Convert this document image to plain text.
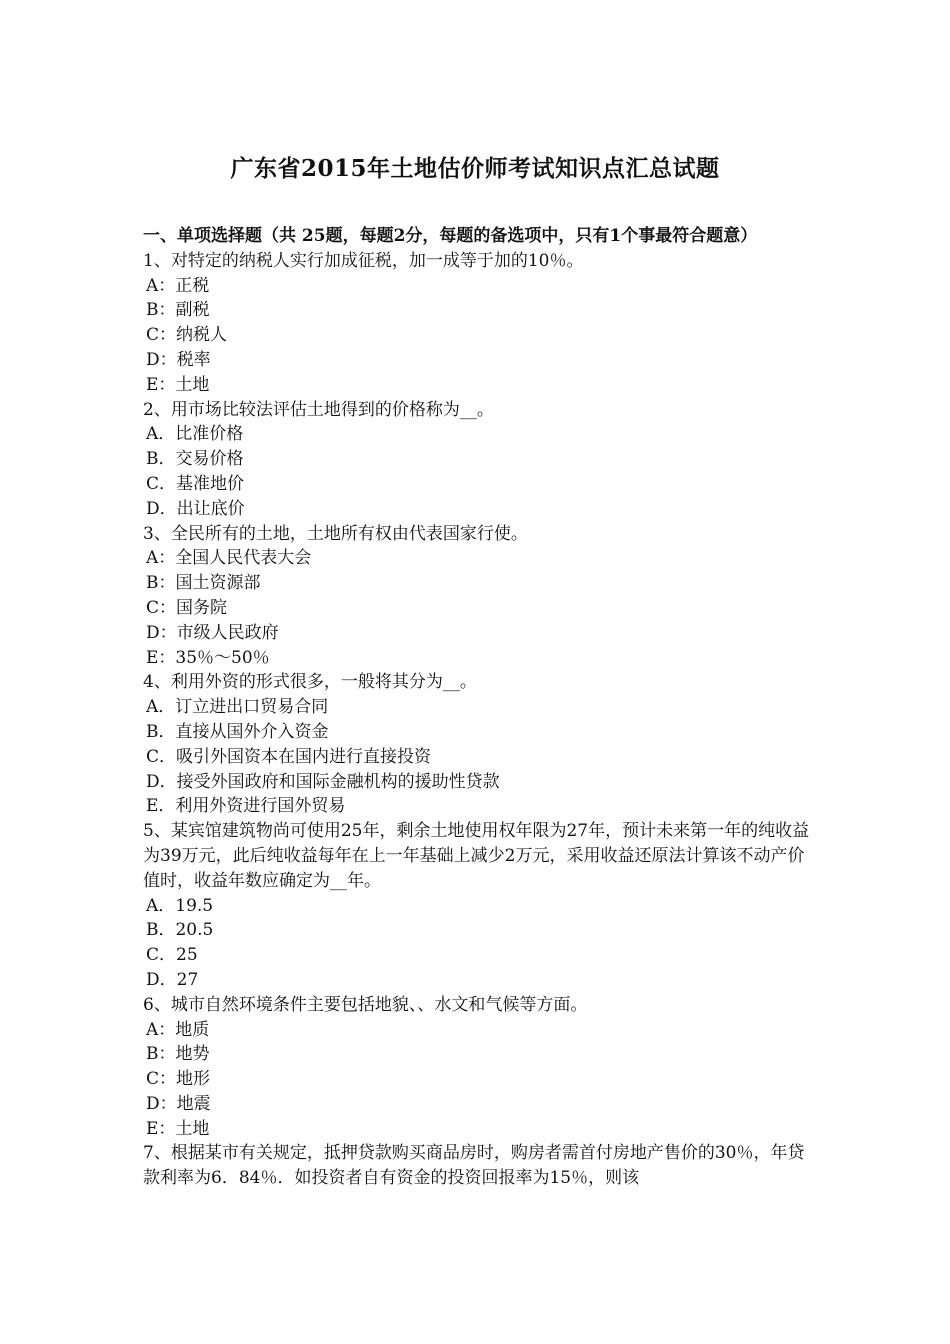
广东省2015年土地估价师考试知识点汇总试题
一、单项选择题（共 25题，每题2分，每题的备选项中，只有1个事最符合题意）
1、对特定的纳税人实行加成征税，加一成等于加的10％。
A：正税
B：副税
C：纳税人
D：税率
E：土地
2、用市场比较法评估土地得到的价格称为__。
A．比准价格
B．交易价格
C．基准地价
D．出让底价
3、全民所有的土地，土地所有权由代表国家行使。
A：全国人民代表大会
B：国土资源部
C：国务院
D：市级人民政府
E：35％～50％
4、利用外资的形式很多，一般将其分为__。
A．订立进出口贸易合同
B．直接从国外介入资金
C．吸引外国资本在国内进行直接投资
D．接受外国政府和国际金融机构的援助性贷款
E．利用外资进行国外贸易
5、某宾馆建筑物尚可使用25年，剩余土地使用权年限为27年，预计未来第一年的纯收益为39万元，此后纯收益每年在上一年基础上减少2万元，采用收益还原法计算该不动产价值时，收益年数应确定为__年。
A．19.5
B．20.5
C．25
D．27
6、城市自然环境条件主要包括地貌、、水文和气候等方面。
A：地质
B：地势
C：地形
D：地震
E：土地
7、根据某市有关规定，抵押贷款购买商品房时，购房者需首付房地产售价的30％，年贷款利率为6．84％．如投资者自有资金的投资回报率为15％，则该
